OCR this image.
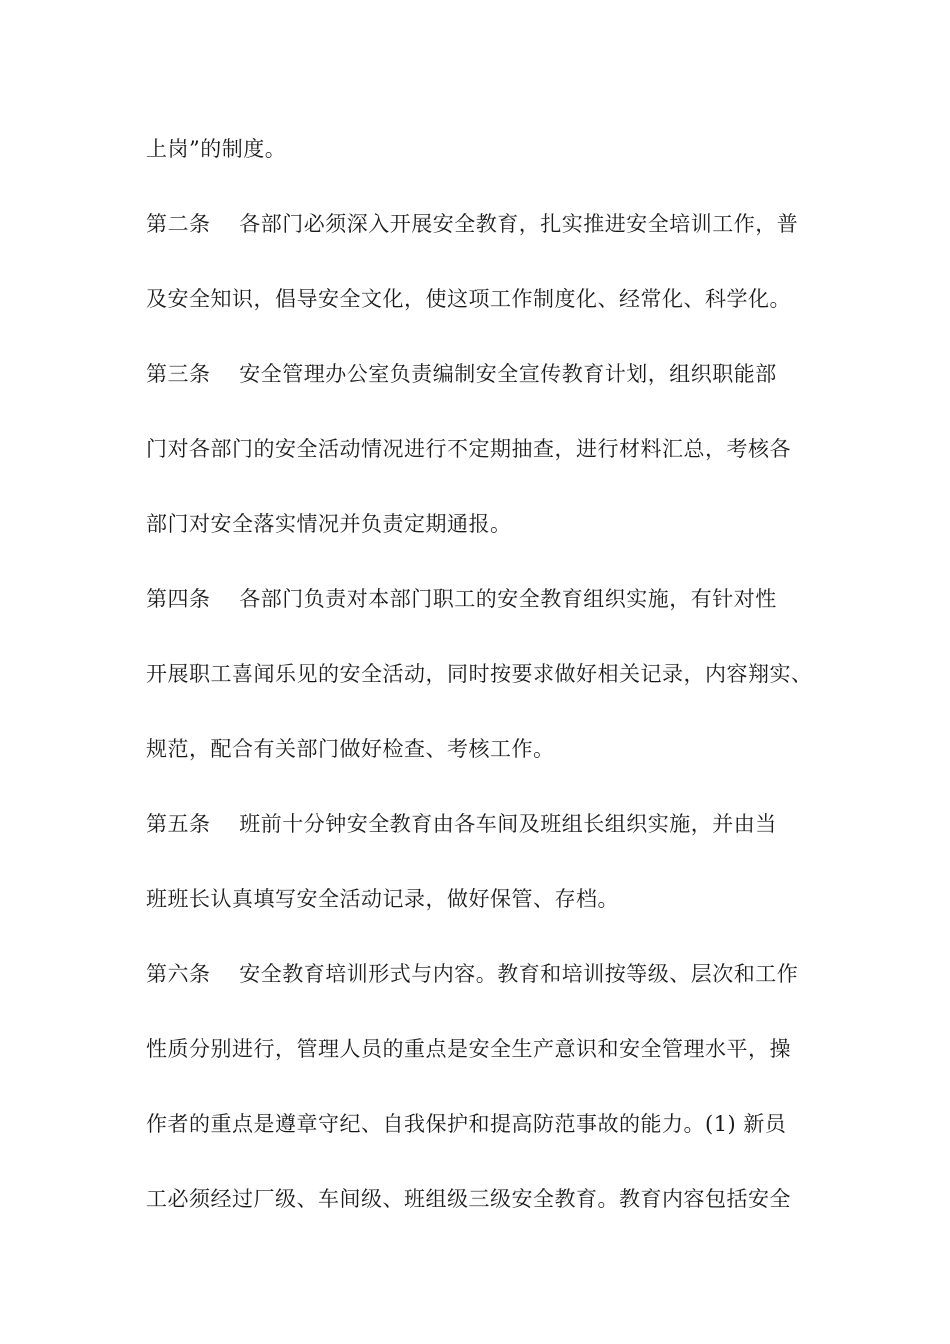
上岗”的制度。
第二条    各部门必须深入开展安全教育，扎实推进安全培训工作，普
及安全知识，倡导安全文化，使这项工作制度化、经常化、科学化。
第三条    安全管理办公室负责编制安全宣传教育计划，组织职能部
门对各部门的安全活动情况进行不定期抽查，进行材料汇总，考核各
部门对安全落实情况并负责定期通报。
第四条    各部门负责对本部门职工的安全教育组织实施，有针对性
开展职工喜闻乐见的安全活动，同时按要求做好相关记录，内容翔实、
规范，配合有关部门做好检查、考核工作。
第五条    班前十分钟安全教育由各车间及班组长组织实施，并由当
班班长认真填写安全活动记录，做好保管、存档。
第六条    安全教育培训形式与内容。教育和培训按等级、层次和工作
性质分别进行，管理人员的重点是安全生产意识和安全管理水平，操
作者的重点是遵章守纪、自我保护和提高防范事故的能力。(1) 新员
工必须经过厂级、车间级、班组级三级安全教育。教育内容包括安全
